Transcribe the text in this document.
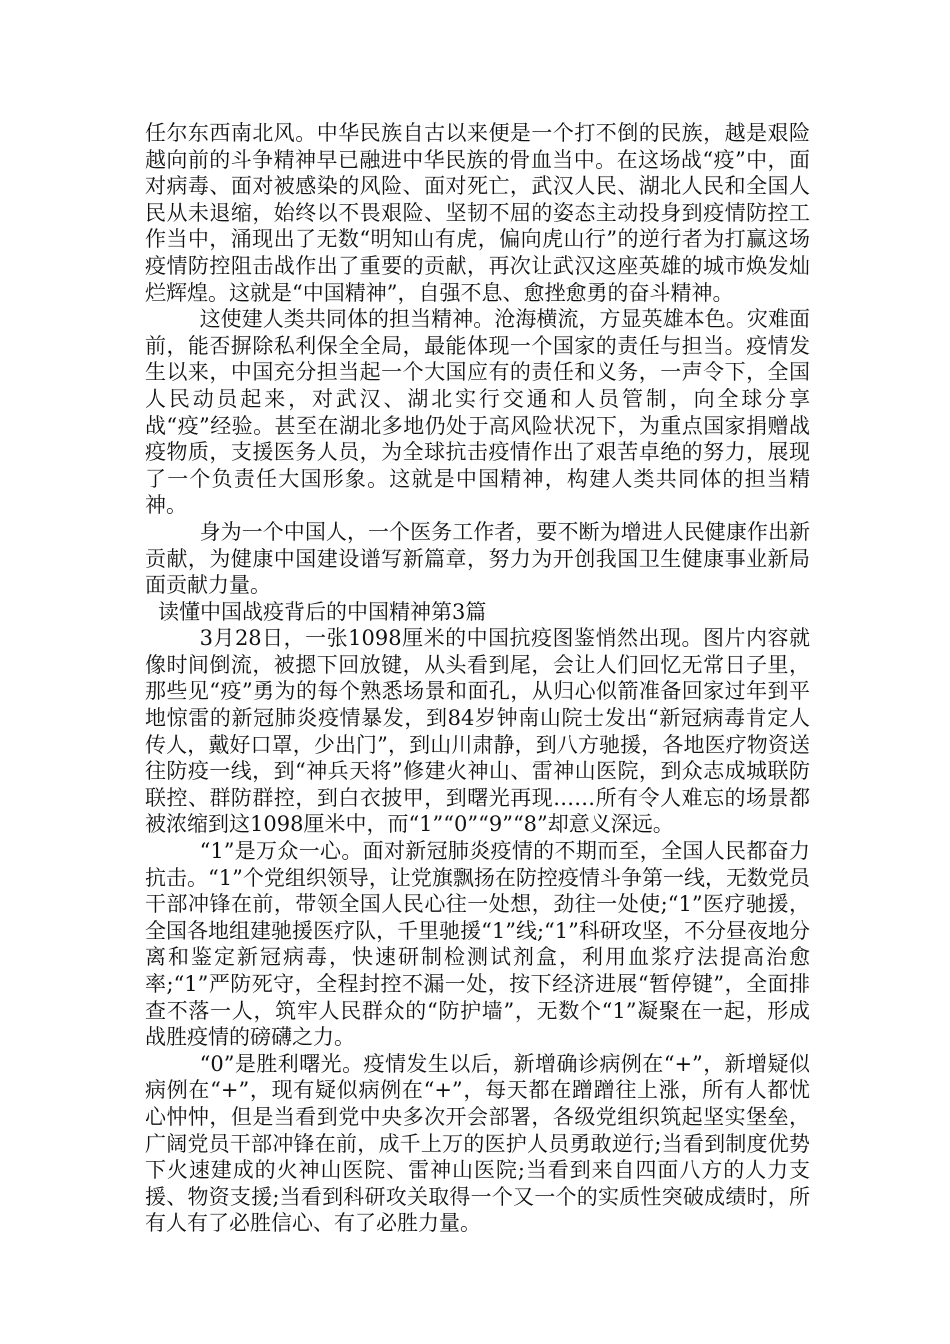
任尔东西南北风。中华民族自古以来便是一个打不倒的民族，越是艰险越向前的斗争精神早已融进中华民族的骨血当中。在这场战“疫”中，面对病毒、面对被感染的风险、面对死亡，武汉人民、湖北人民和全国人民从未退缩，始终以不畏艰险、坚韧不屈的姿态主动投身到疫情防控工作当中，涌现出了无数“明知山有虎，偏向虎山行”的逆行者为打赢这场疫情防控阻击战作出了重要的贡献，再次让武汉这座英雄的城市焕发灿烂辉煌。这就是“中国精神”，自强不息、愈挫愈勇的奋斗精神。

这使建人类共同体的担当精神。沧海横流，方显英雄本色。灾难面前，能否摒除私利保全全局，最能体现一个国家的责任与担当。疫情发生以来，中国充分担当起一个大国应有的责任和义务，一声令下，全国人民动员起来，对武汉、湖北实行交通和人员管制，向全球分享战“疫”经验。甚至在湖北多地仍处于高风险状况下，为重点国家捐赠战疫物质，支援医务人员，为全球抗击疫情作出了艰苦卓绝的努力，展现了一个负责任大国形象。这就是中国精神，构建人类共同体的担当精神。

身为一个中国人，一个医务工作者，要不断为增进人民健康作出新贡献，为健康中国建设谱写新篇章，努力为开创我国卫生健康事业新局面贡献力量。

读懂中国战疫背后的中国精神第3篇

3月28日，一张1098厘米的中国抗疫图鉴悄然出现。图片内容就像时间倒流，被摁下回放键，从头看到尾，会让人们回忆无常日子里，那些见“疫”勇为的每个熟悉场景和面孔，从归心似箭准备回家过年到平地惊雷的新冠肺炎疫情暴发，到84岁钟南山院士发出“新冠病毒肯定人传人，戴好口罩，少出门”，到山川肃静，到八方驰援，各地医疗物资送往防疫一线，到“神兵天将”修建火神山、雷神山医院，到众志成城联防联控、群防群控，到白衣披甲，到曙光再现……所有令人难忘的场景都被浓缩到这1098厘米中，而“1”“0”“9”“8”却意义深远。

“1”是万众一心。面对新冠肺炎疫情的不期而至，全国人民都奋力抗击。“1”个党组织领导，让党旗飘扬在防控疫情斗争第一线，无数党员干部冲锋在前，带领全国人民心往一处想，劲往一处使;“1”医疗驰援，全国各地组建驰援医疗队，千里驰援“1”线;“1”科研攻坚，不分昼夜地分离和鉴定新冠病毒，快速研制检测试剂盒，利用血浆疗法提高治愈率;“1”严防死守，全程封控不漏一处，按下经济进展“暂停键”，全面排查不落一人，筑牢人民群众的“防护墙”，无数个“1”凝聚在一起，形成战胜疫情的磅礴之力。

“0”是胜利曙光。疫情发生以后，新增确诊病例在“+”，新增疑似病例在“+”，现有疑似病例在“+”，每天都在蹭蹭往上涨，所有人都忧心忡忡，但是当看到党中央多次开会部署，各级党组织筑起坚实堡垒，广阔党员干部冲锋在前，成千上万的医护人员勇敢逆行;当看到制度优势下火速建成的火神山医院、雷神山医院;当看到来自四面八方的人力支援、物资支援;当看到科研攻关取得一个又一个的实质性突破成绩时，所有人有了必胜信心、有了必胜力量。
